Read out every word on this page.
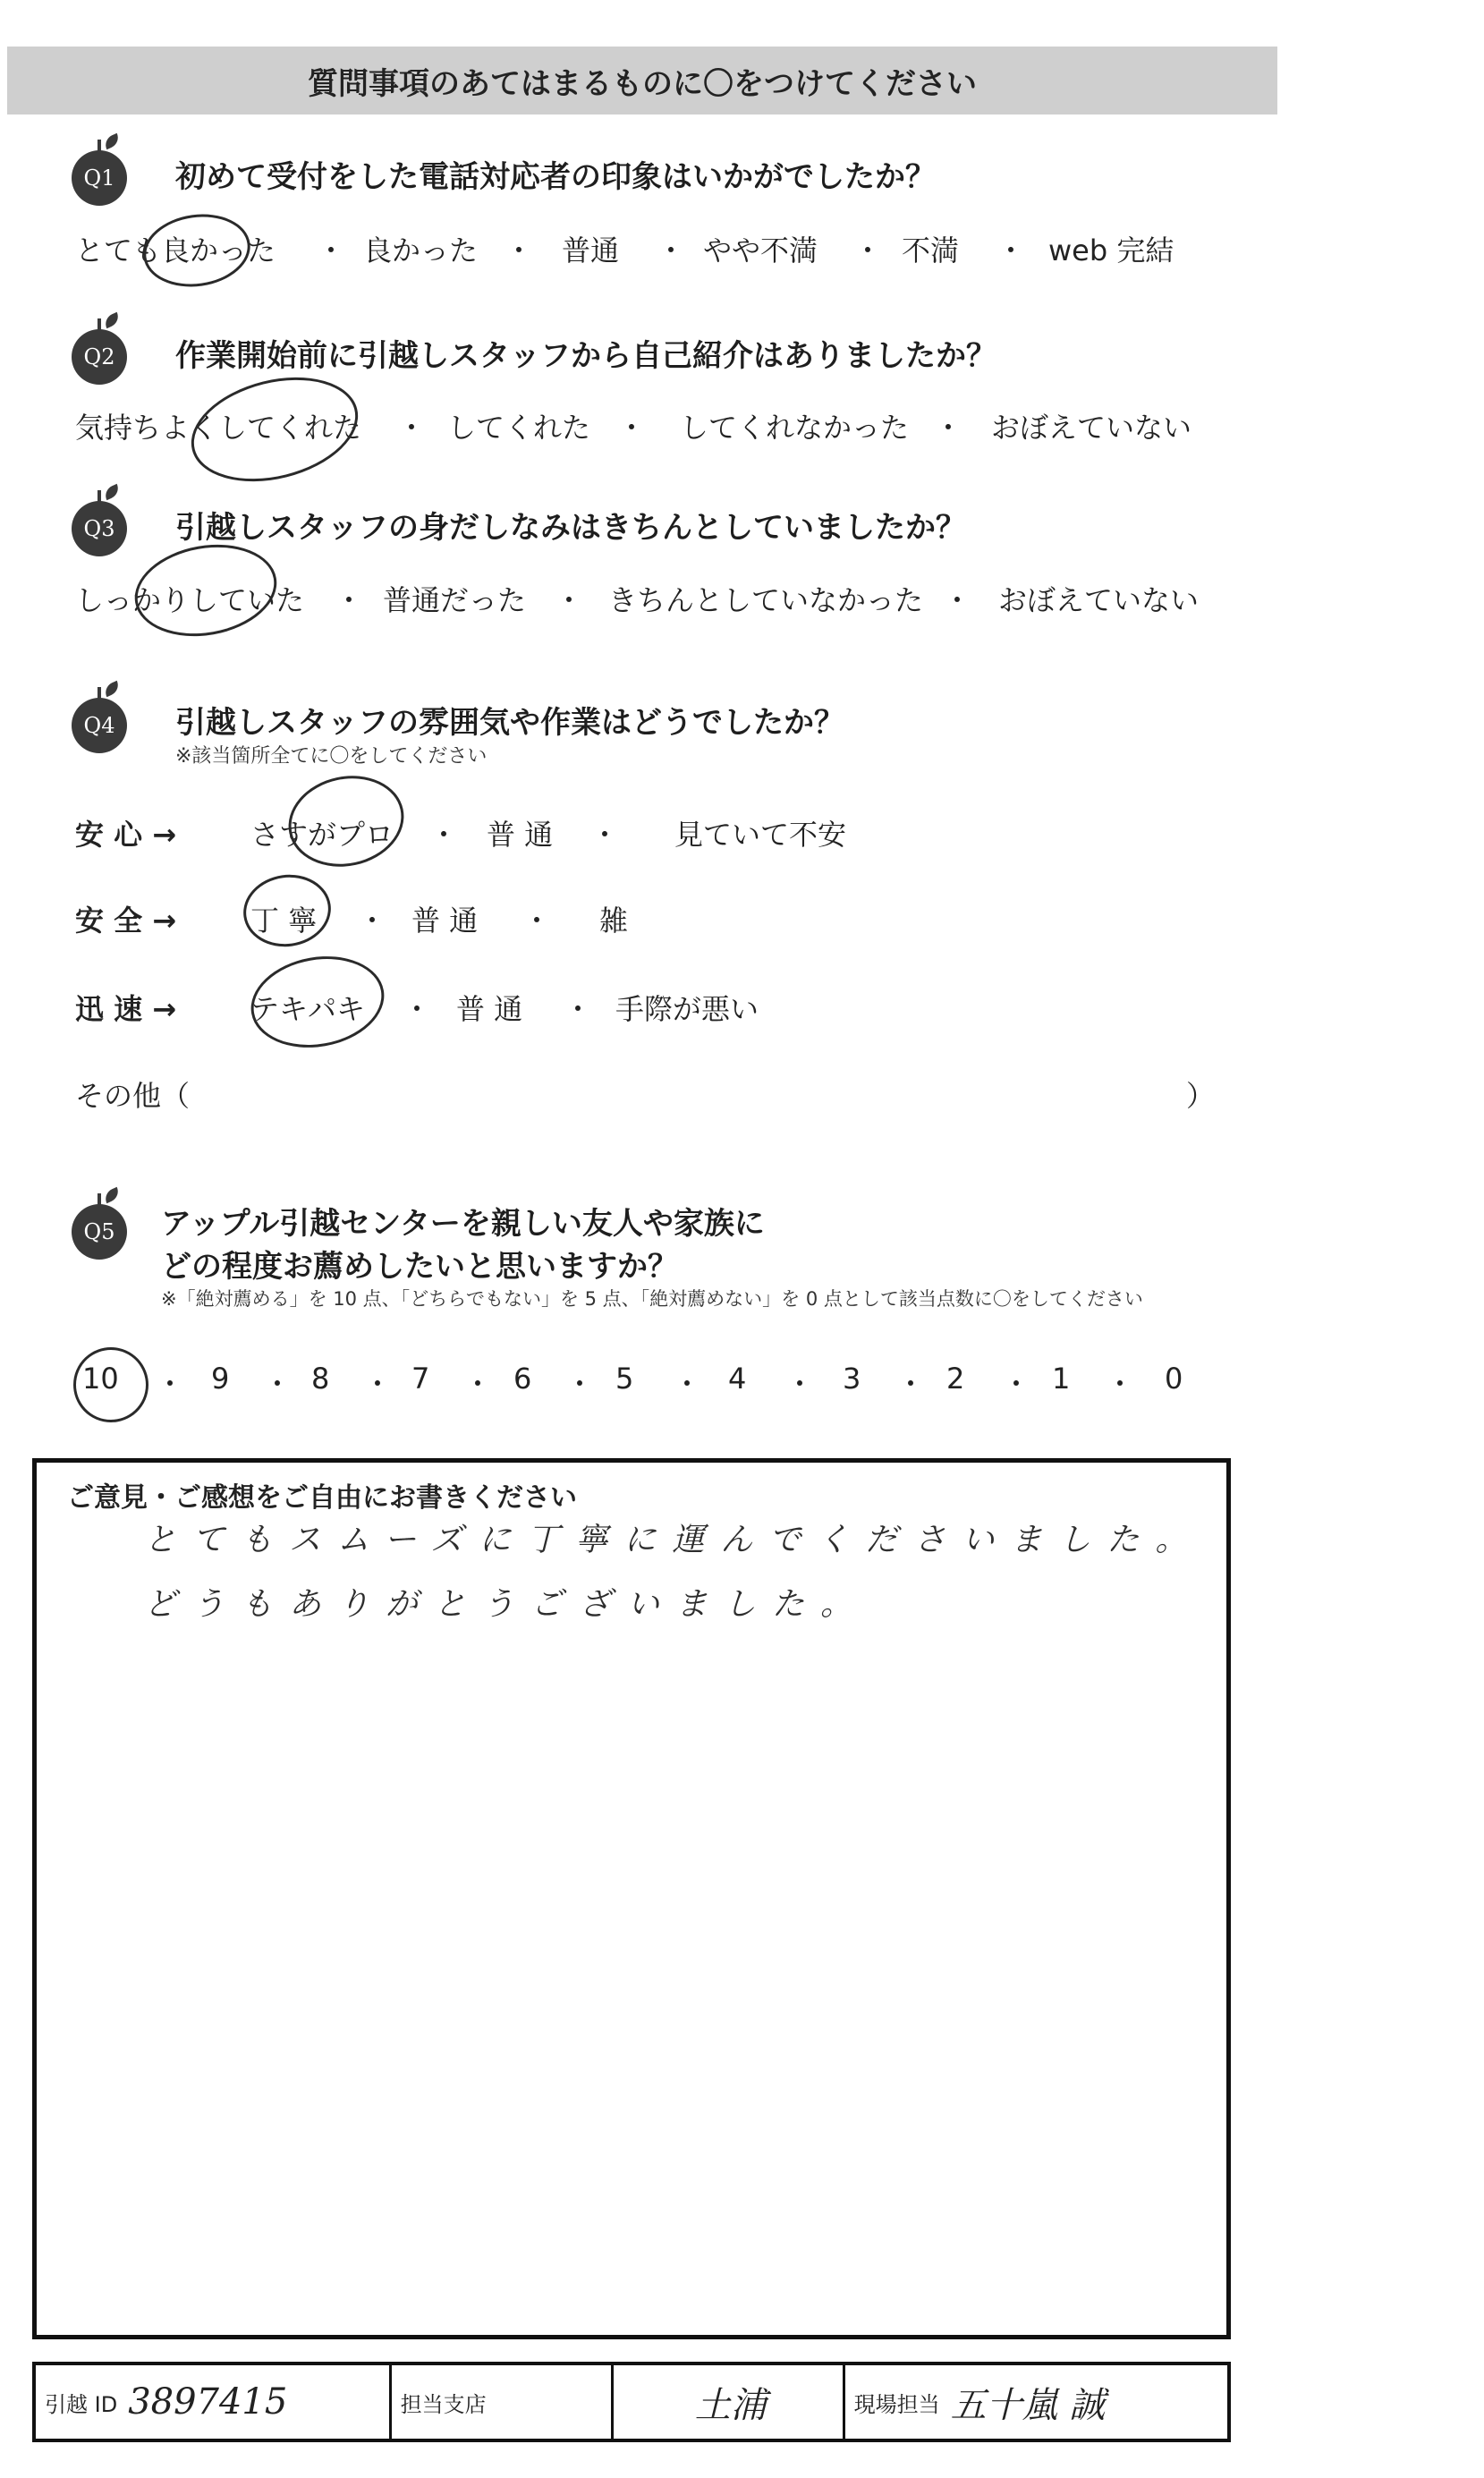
質問事項のあてはまるものに〇をつけてください
Q1 初めて受付をした電話対応者の印象はいかがでしたか？
とても良かった ・ 良かった ・ 普通 ・ やや不満 ・ 不満 ・ web 完結
Q2 作業開始前に引越しスタッフから自己紹介はありましたか？
気持ちよくしてくれた ・ してくれた ・ してくれなかった ・ おぼえていない
Q3 引越しスタッフの身だしなみはきちんとしていましたか？
しっかりしていた ・ 普通だった ・ きちんとしていなかった ・ おぼえていない
Q4 引越しスタッフの雰囲気や作業はどうでしたか？
※該当箇所全てに〇をしてください
安 心 →	さすがプロ ・ 普 通 ・ 見ていて不安
安 全 →	丁 寧 ・ 普 通 ・ 雑
迅 速 →	テキパキ ・ 普 通 ・ 手際が悪い
その他（	）
Q5 アップル引越センターを親しい友人や家族に
どの程度お薦めしたいと思いますか？
※「絶対薦める」を 10 点、「どちらでもない」を 5 点、「絶対薦めない」を 0 点として該当点数に〇をしてください
10 ・ 9 ・ 8 ・ 7 ・ 6 ・ 5 ・ 4 ・ 3 ・ 2 ・ 1 ・ 0
ご意見・ご感想をご自由にお書きください
とてもスムーズに丁寧に運んでくださいました。
どうもありがとうございました。
引越 ID 3897415	担当支店	土浦	現場担当 五十嵐 誠
